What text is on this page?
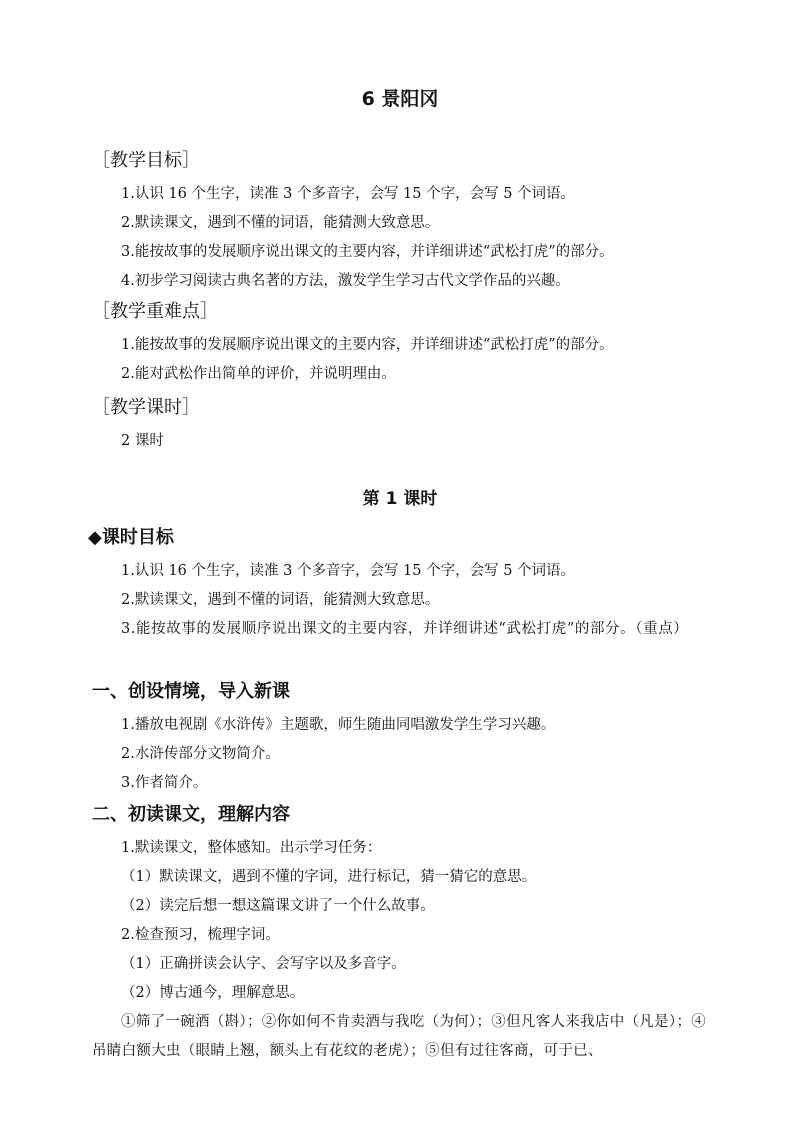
6 景阳冈
［教学目标］

1.认识 16 个生字，读准 3 个多音字，会写 15 个字，会写 5 个词语。

2.默读课文，遇到不懂的词语，能猜测大致意思。

3.能按故事的发展顺序说出课文的主要内容，并详细讲述“武松打虎”的部分。

4.初步学习阅读古典名著的方法，激发学生学习古代文学作品的兴趣。

［教学重难点］

1.能按故事的发展顺序说出课文的主要内容，并详细讲述“武松打虎”的部分。

2.能对武松作出简单的评价，并说明理由。

［教学课时］

2 课时

第 1 课时
◆课时目标

1.认识 16 个生字，读准 3 个多音字，会写 15 个字，会写 5 个词语。

2.默读课文，遇到不懂的词语，能猜测大致意思。

3.能按故事的发展顺序说出课文的主要内容，并详细讲述“武松打虎”的部分。（重点）

一、创设情境，导入新课

1.播放电视剧《水浒传》主题歌，师生随曲同唱激发学生学习兴趣。

2.水浒传部分文物简介。

3.作者简介。

二、初读课文，理解内容

1.默读课文，整体感知。出示学习任务：

（1）默读课文，遇到不懂的字词，进行标记，猜一猜它的意思。

（2）读完后想一想这篇课文讲了一个什么故事。

2.检查预习，梳理字词。

（1）正确拼读会认字、会写字以及多音字。

（2）博古通今，理解意思。

①筛了一碗酒（斟）；②你如何不肯卖酒与我吃（为何）；③但凡客人来我店中（凡是）；④吊睛白额大虫（眼睛上翘，额头上有花纹的老虎）；⑤但有过往客商，可于已、
